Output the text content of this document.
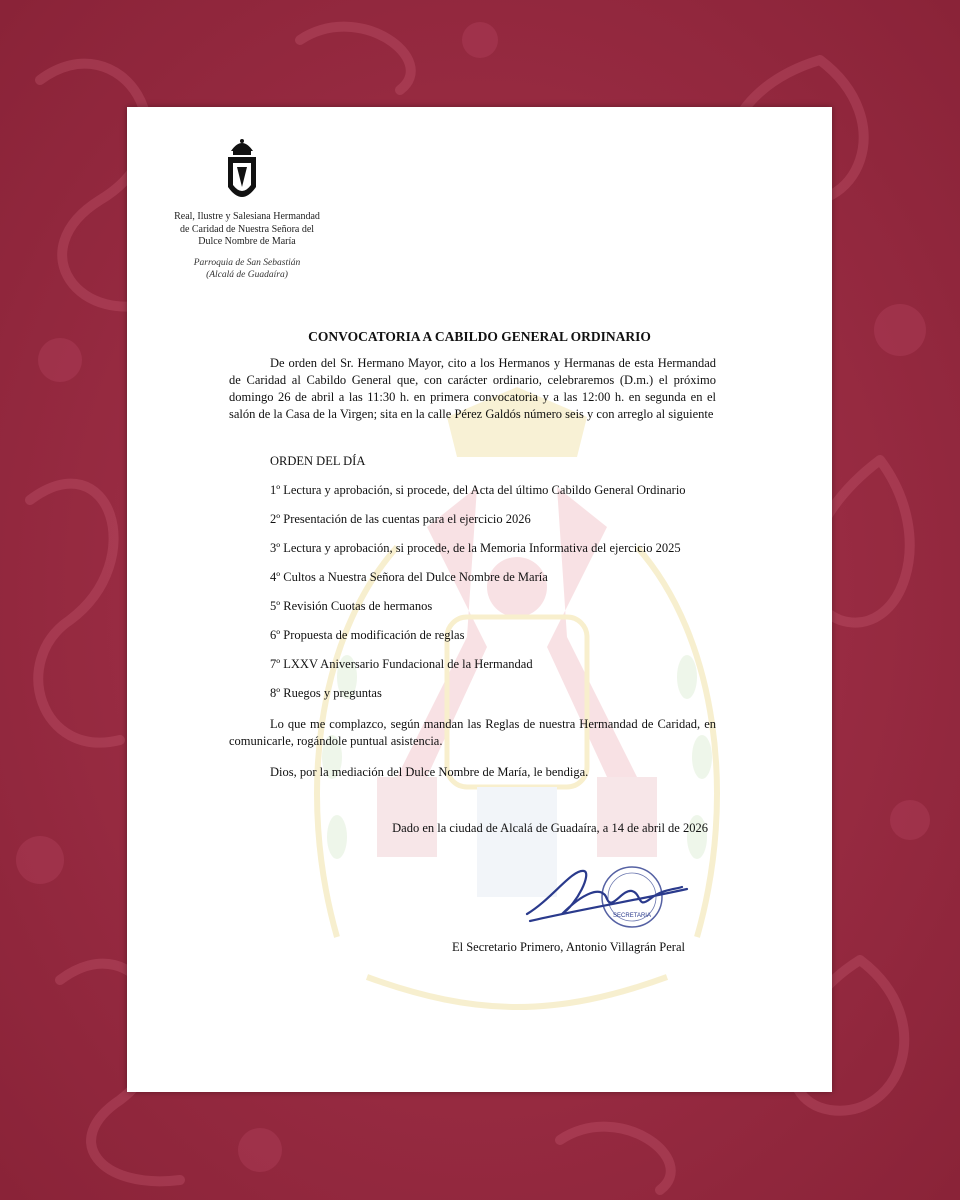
Real, Ilustre y Salesiana Hermandad
de Caridad de Nuestra Señora del
Dulce Nombre de María
Parroquia de San Sebastián
(Alcalá de Guadaíra)
CONVOCATORIA A CABILDO GENERAL ORDINARIO

De orden del Sr. Hermano Mayor, cito a los Hermanos y Hermanas de esta Hermandad de Caridad al Cabildo General que, con carácter ordinario, celebraremos (D.m.) el próximo domingo 26 de abril a las 11:30 h. en primera convocatoria y a las 12:00 h. en segunda en el salón de la Casa de la Virgen; sita en la calle Pérez Galdós número seis y con arreglo al siguiente

ORDEN DEL DÍA

1º Lectura y aprobación, si procede, del Acta del último Cabildo General Ordinario

2º Presentación de las cuentas para el ejercicio 2026

3º Lectura y aprobación, si procede, de la Memoria Informativa del ejercicio 2025

4º Cultos a Nuestra Señora del Dulce Nombre de María

5º Revisión Cuotas de hermanos

6º Propuesta de modificación de reglas

7º LXXV Aniversario Fundacional de la Hermandad

8º Ruegos y preguntas

Lo que me complazco, según mandan las Reglas de nuestra Hermandad de Caridad, en comunicarle, rogándole puntual asistencia.

Dios, por la mediación del Dulce Nombre de María, le bendiga.

Dado en la ciudad de Alcalá de Guadaíra, a 14 de abril de 2026

SECRETARIA

El Secretario Primero, Antonio Villagrán Peral
